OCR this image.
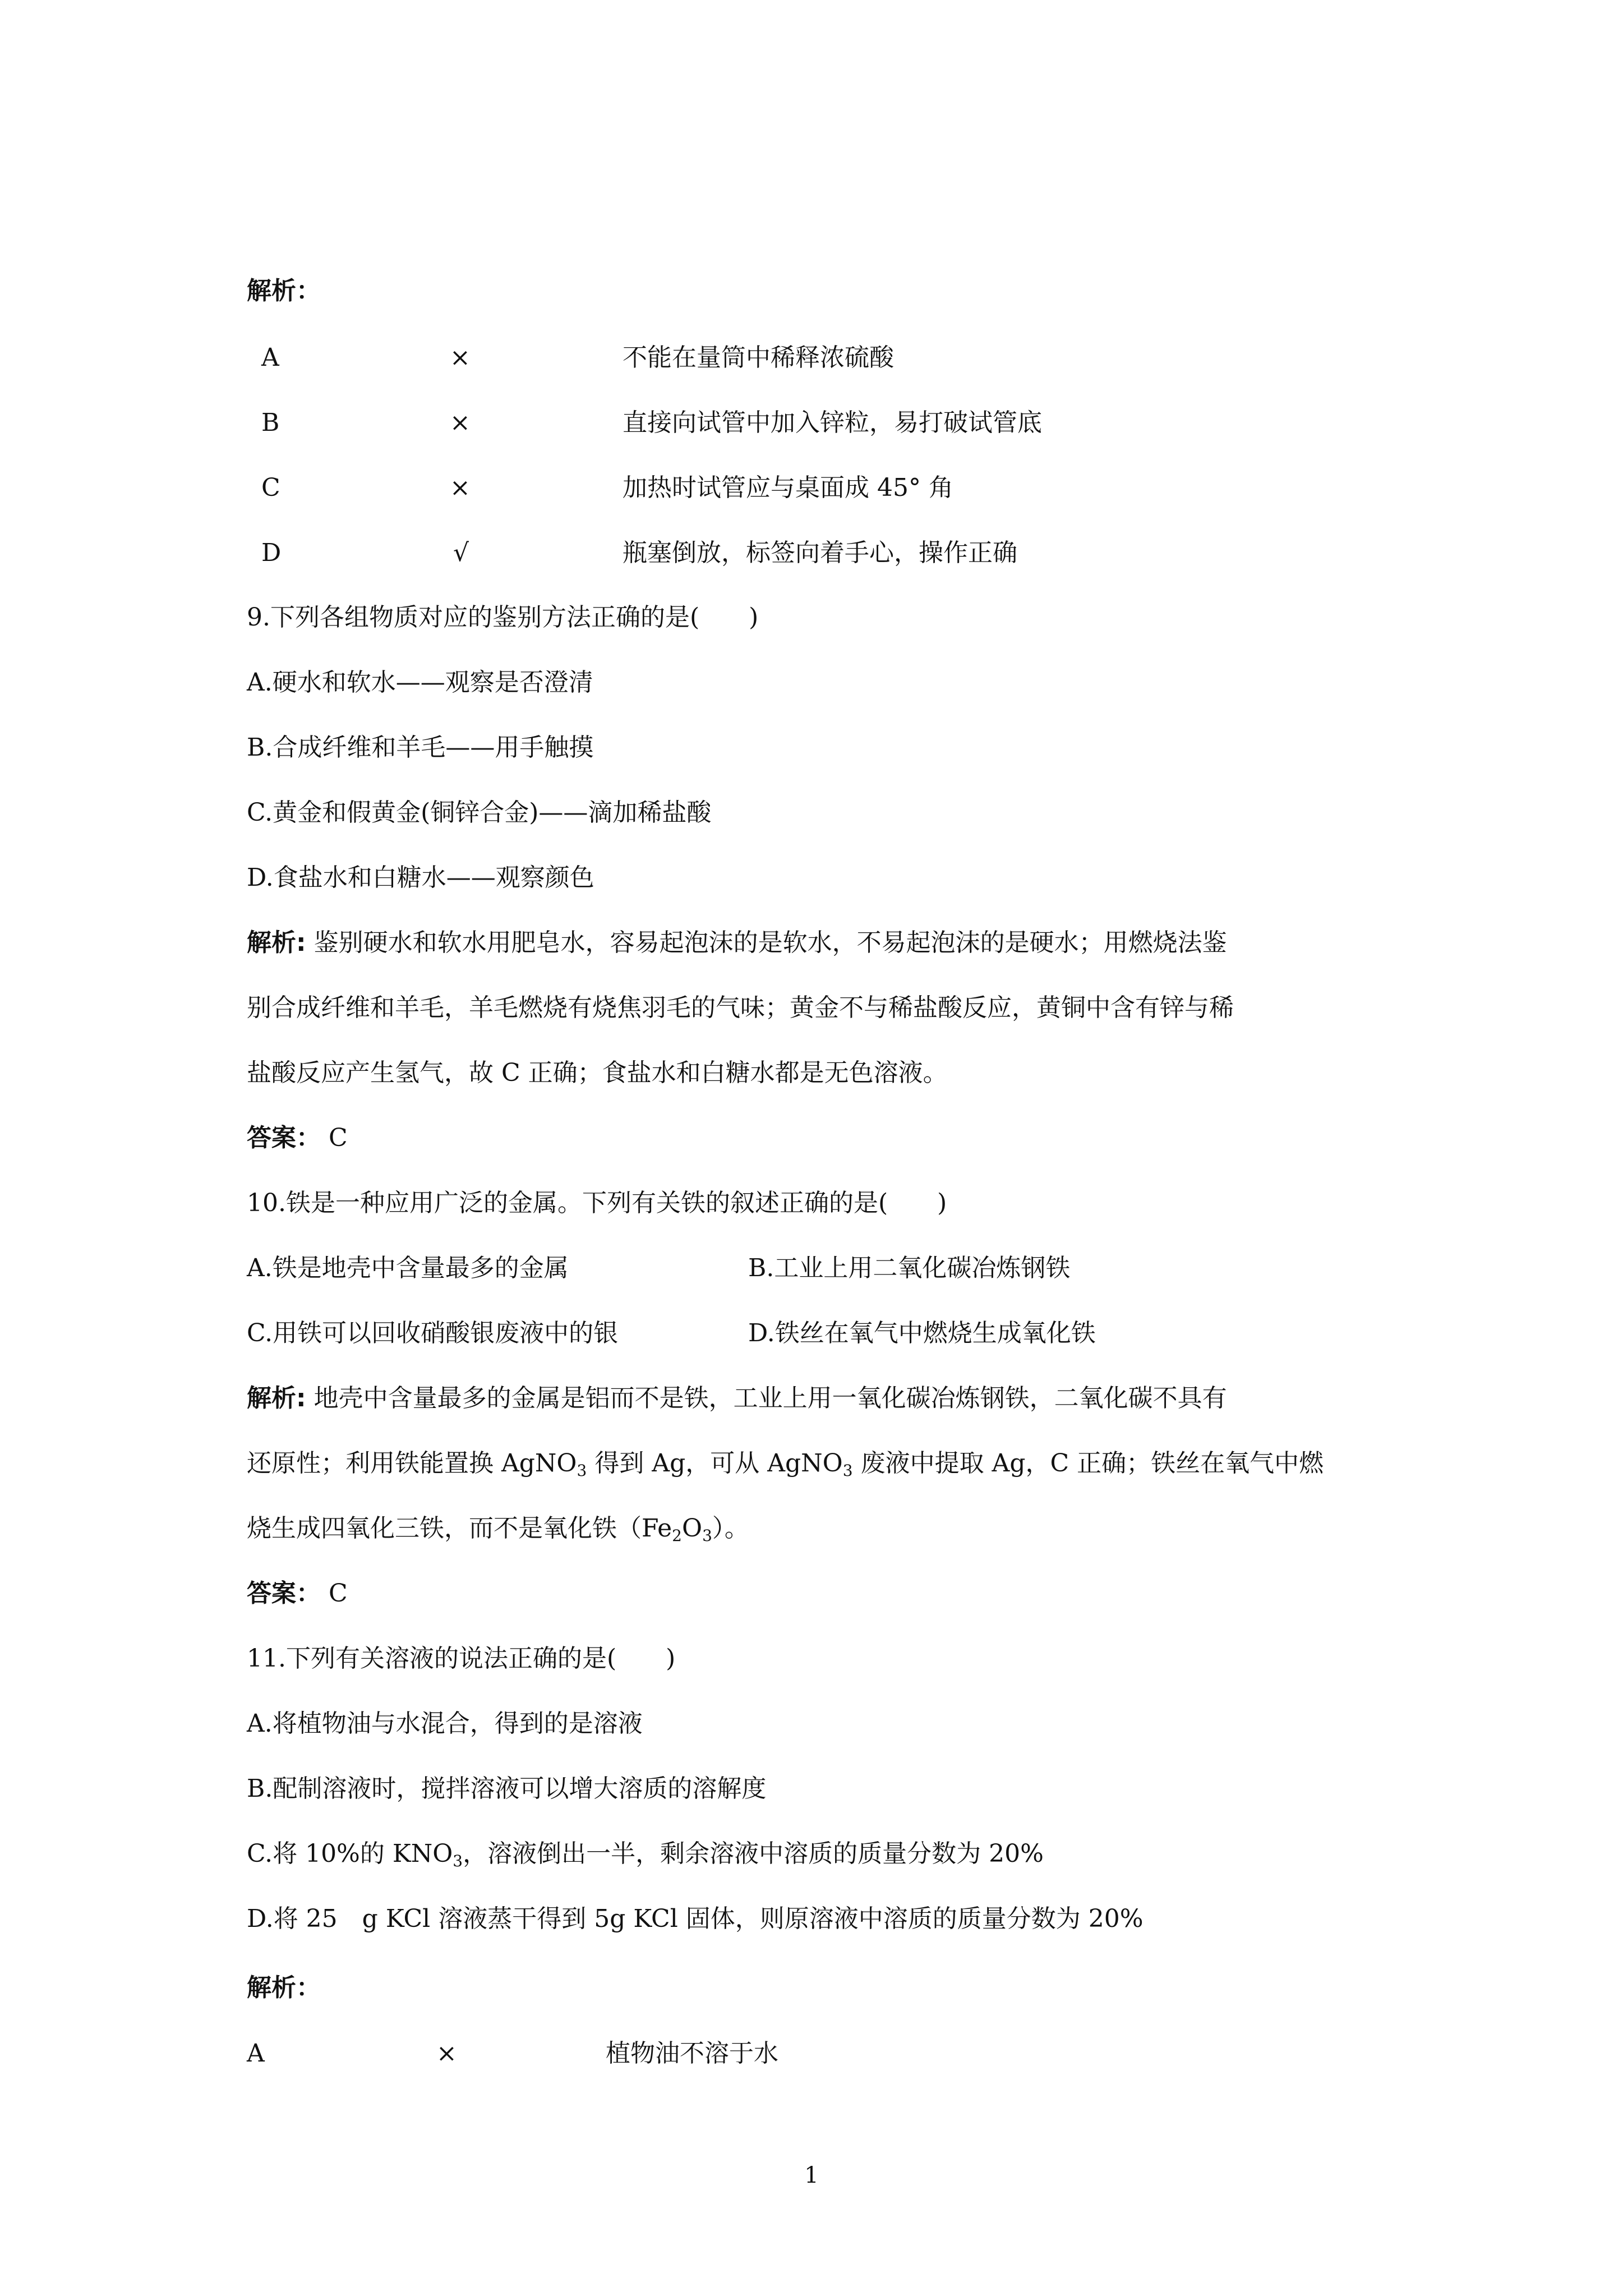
解析：
A	×	不能在量筒中稀释浓硫酸
B	×	直接向试管中加入锌粒，易打破试管底
C	×	加热时试管应与桌面成 45° 角
D	√	瓶塞倒放，标签向着手心，操作正确
9.下列各组物质对应的鉴别方法正确的是(　　)
A.硬水和软水——观察是否澄清
B.合成纤维和羊毛——用手触摸
C.黄金和假黄金(铜锌合金)——滴加稀盐酸
D.食盐水和白糖水——观察颜色
解析: 鉴别硬水和软水用肥皂水，容易起泡沫的是软水，不易起泡沫的是硬水；用燃烧法鉴
别合成纤维和羊毛，羊毛燃烧有烧焦羽毛的气味；黄金不与稀盐酸反应，黄铜中含有锌与稀
盐酸反应产生氢气，故 C 正确；食盐水和白糖水都是无色溶液。
答案： C
10.铁是一种应用广泛的金属。下列有关铁的叙述正确的是(　　)
A.铁是地壳中含量最多的金属	B.工业上用二氧化碳冶炼钢铁
C.用铁可以回收硝酸银废液中的银	D.铁丝在氧气中燃烧生成氧化铁
解析: 地壳中含量最多的金属是铝而不是铁，工业上用一氧化碳冶炼钢铁，二氧化碳不具有
还原性；利用铁能置换 AgNO$_3$ 得到 Ag，可从 AgNO$_3$ 废液中提取 Ag，C 正确；铁丝在氧气中燃
烧生成四氧化三铁，而不是氧化铁$(Fe_2O_3)$。
答案： C
11.下列有关溶液的说法正确的是(　　)
A.将植物油与水混合，得到的是溶液
B.配制溶液时，搅拌溶液可以增大溶质的溶解度
C.将 10%的 $KNO_3$，溶液倒出一半，剩余溶液中溶质的质量分数为 20%
D.将 25　g KCl 溶液蒸干得到 5g KCl 固体，则原溶液中溶质的质量分数为 20%
解析：
A	×	植物油不溶于水
1
